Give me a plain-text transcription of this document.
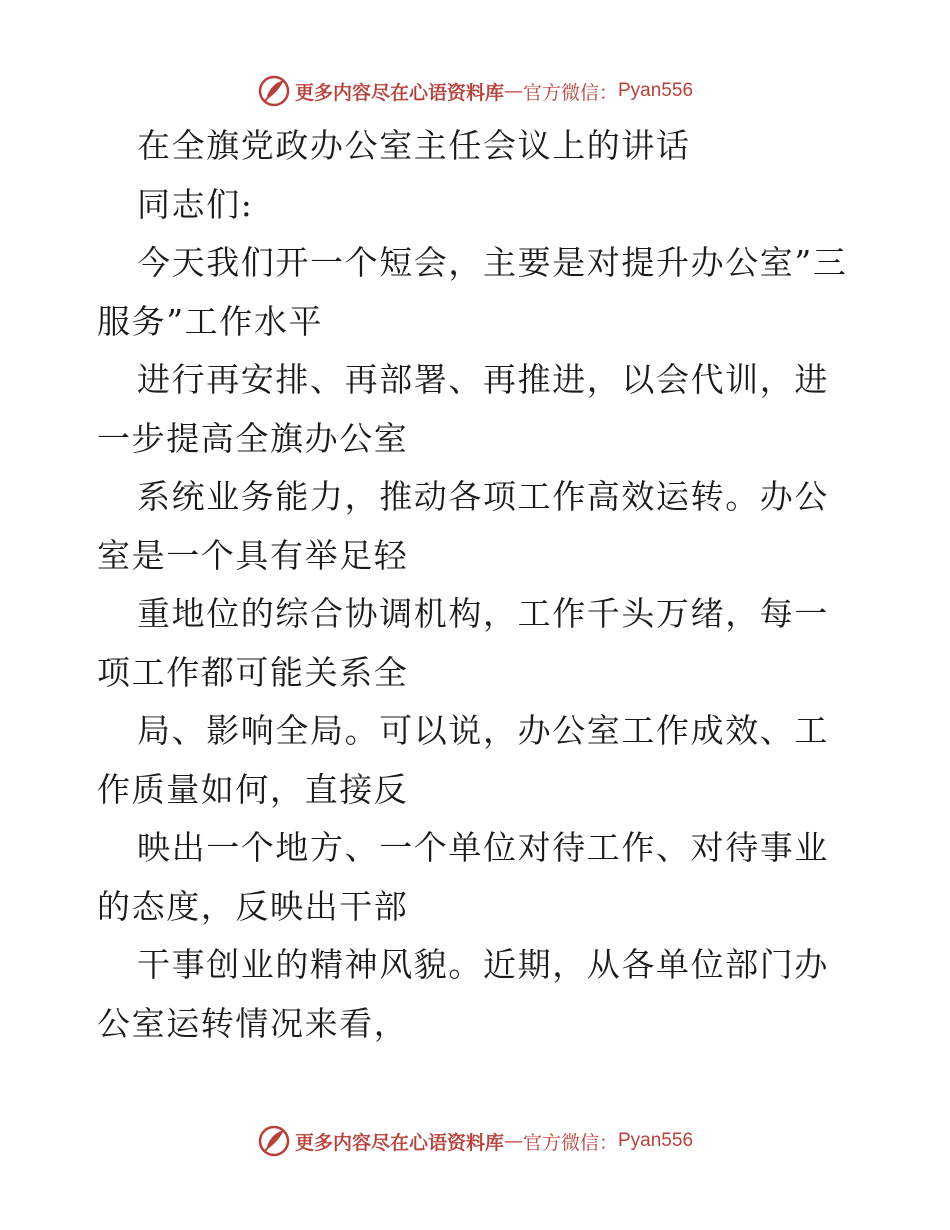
更多内容尽在心语资料库 — 官方微信： Pyan556

在全旗党政办公室主任会议上的讲话

同志们:

今天我们开一个短会，主要是对提升办公室”三服务”工作水平

进行再安排、再部署、再推进，以会代训，进一步提高全旗办公室

系统业务能力，推动各项工作高效运转。办公室是一个具有举足轻

重地位的综合协调机构，工作千头万绪，每一项工作都可能关系全

局、影响全局。可以说，办公室工作成效、工作质量如何，直接反

映出一个地方、一个单位对待工作、对待事业的态度，反映出干部

干事创业的精神风貌。近期，从各单位部门办公室运转情况来看，

更多内容尽在心语资料库 — 官方微信： Pyan556
